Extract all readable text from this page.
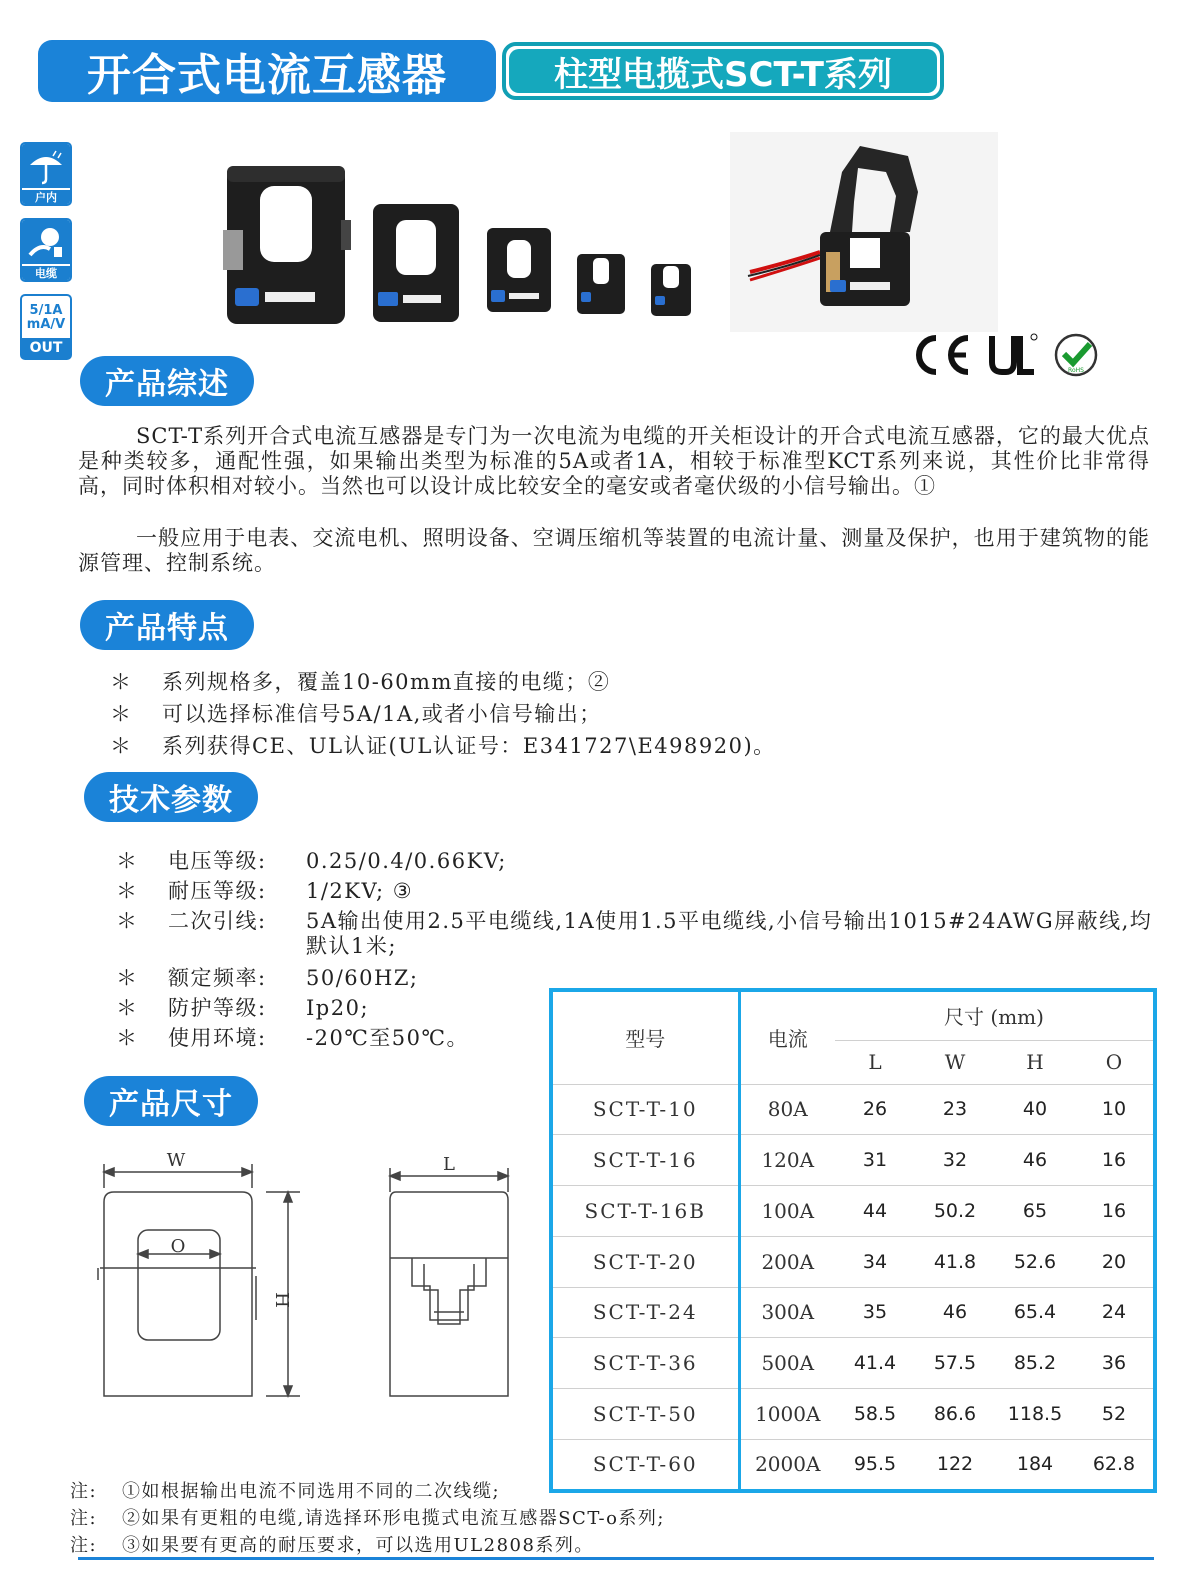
开合式电流互感器	柱型电揽式SCT-T系列
户内
电缆
5/1A
mA/V
OUT
RoHS
产品综述
SCT-T系列开合式电流互感器是专门为一次电流为电缆的开关柜设计的开合式电流互感器，它的最大优点是种类较多，通配性强，如果输出类型为标准的5A或者1A，相较于标准型KCT系列来说，其性价比非常得高，同时体积相对较小。当然也可以设计成比较安全的毫安或者毫伏级的小信号输出。①
一般应用于电表、交流电机、照明设备、空调压缩机等装置的电流计量、测量及保护，也用于建筑物的能源管理、控制系统。
产品特点
＊ 系列规格多，覆盖10-60mm直接的电缆；②
＊ 可以选择标准信号5A/1A,或者小信号输出；
＊ 系列获得CE、UL认证(UL认证号：E341727\E498920)。
技术参数
＊	电压等级:	0.25/0.4/0.66KV;
＊	耐压等级:	1/2KV; ③
＊	二次引线:	5A输出使用2.5平电缆线,1A使用1.5平电缆线,小信号输出1015#24AWG屏蔽线,均默认1米;
＊	额定频率:	50/60HZ;
＊	防护等级:	Ip20;
＊	使用环境:	-20℃至50℃。
产品尺寸
W
O
H
L
型号	电流	尺寸 (mm)			
		L	W	H	O
SCT-T-10	80A	26	23	40	10
SCT-T-16	120A	31	32	46	16
SCT-T-16B	100A	44	50.2	65	16
SCT-T-20	200A	34	41.8	52.6	20
SCT-T-24	300A	35	46	65.4	24
SCT-T-36	500A	41.4	57.5	85.2	36
SCT-T-50	1000A	58.5	86.6	118.5	52
SCT-T-60	2000A	95.5	122	184	62.8
注: ①如根据输出电流不同选用不同的二次线缆;
注: ②如果有更粗的电缆,请选择环形电揽式电流互感器SCT-o系列;
注: ③如果要有更高的耐压要求，可以选用UL2808系列。
